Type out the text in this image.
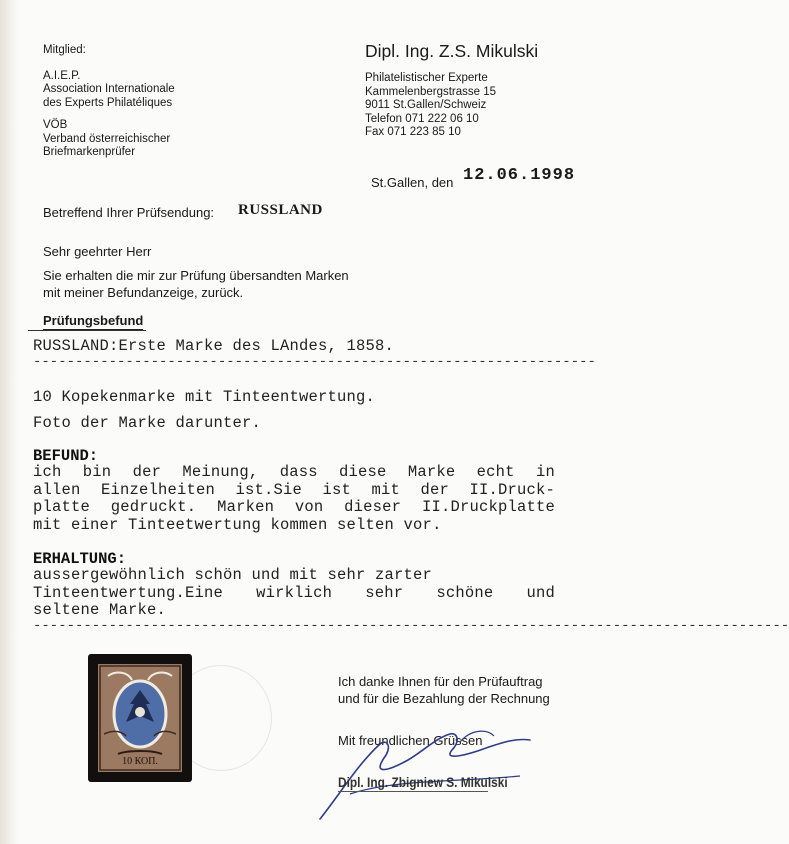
Mitglied:
A.I.E.P.
Association Internationale
des Experts Philatéliques
VÖB
Verband österreichischer
Briefmarkenprüfer
Dipl. Ing. Z.S. Mikulski
Philatelistischer Experte
Kammelenbergstrasse 15
9011 St.Gallen/Schweiz
Telefon 071 222 06 10
Fax 071 223 85 10
St.Gallen, den 12.06.1998
Betreffend Ihrer Prüfsendung: RUSSLAND
Sehr geehrter Herr
Sie erhalten die mir zur Prüfung übersandten Marken
mit meiner Befundanzeige, zurück.
Prüfungsbefund
RUSSLAND:Erste Marke des LAndes, 1858.
-------------------------------------------------------------------
10 Kopekenmarke mit Tinteentwertung.
Foto der Marke darunter.
BEFUND:
ich bin der Meinung, dass diese Marke echt in
allen Einzelheiten ist.Sie ist mit der II.Druck-
platte gedruckt. Marken von dieser II.Druckplatte
mit einer Tinteetwertung kommen selten vor.
ERHALTUNG:
aussergewöhnlich schön und mit sehr zarter
Tinteentwertung.Eine wirklich sehr schöne und
seltene Marke.
------------------------------------------------------------------------------------------
10 КОП.
Ich danke Ihnen für den Prüfauftrag
und für die Bezahlung der Rechnung
Mit freundlichen Grüssen
Dipl. Ing. Zbigniew S. Mikulski
